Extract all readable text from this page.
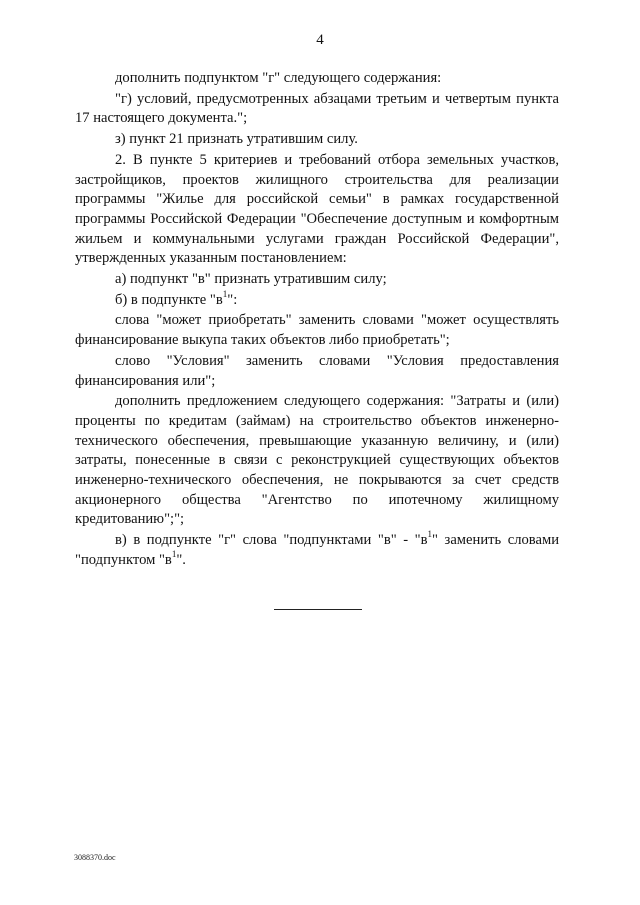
4

дополнить подпунктом "г" следующего содержания:

"г) условий, предусмотренных абзацами третьим и четвертым пункта 17 настоящего документа.";

з) пункт 21 признать утратившим силу.

2. В пункте 5 критериев и требований отбора земельных участков, застройщиков, проектов жилищного строительства для реализации программы "Жилье для российской семьи" в рамках государственной программы Российской Федерации "Обеспечение доступным и комфортным жильем и коммунальными услугами граждан Российской Федерации", утвержденных указанным постановлением:

а) подпункт "в" признать утратившим силу;

б) в подпункте "$в^1$":

слова "может приобретать" заменить словами "может осуществлять финансирование выкупа таких объектов либо приобретать";

слово "Условия" заменить словами "Условия предоставления финансирования или";

дополнить предложением следующего содержания: "Затраты и (или) проценты по кредитам (займам) на строительство объектов инженерно-технического обеспечения, превышающие указанную величину, и (или) затраты, понесенные в связи с реконструкцией существующих объектов инженерно-технического обеспечения, не покрываются за счет средств акционерного общества "Агентство по ипотечному жилищному кредитованию";";

в) в подпункте "г" слова "подпунктами "в" - "$в^1$" заменить словами "подпунктом "$в^1$".

3088370.doc
